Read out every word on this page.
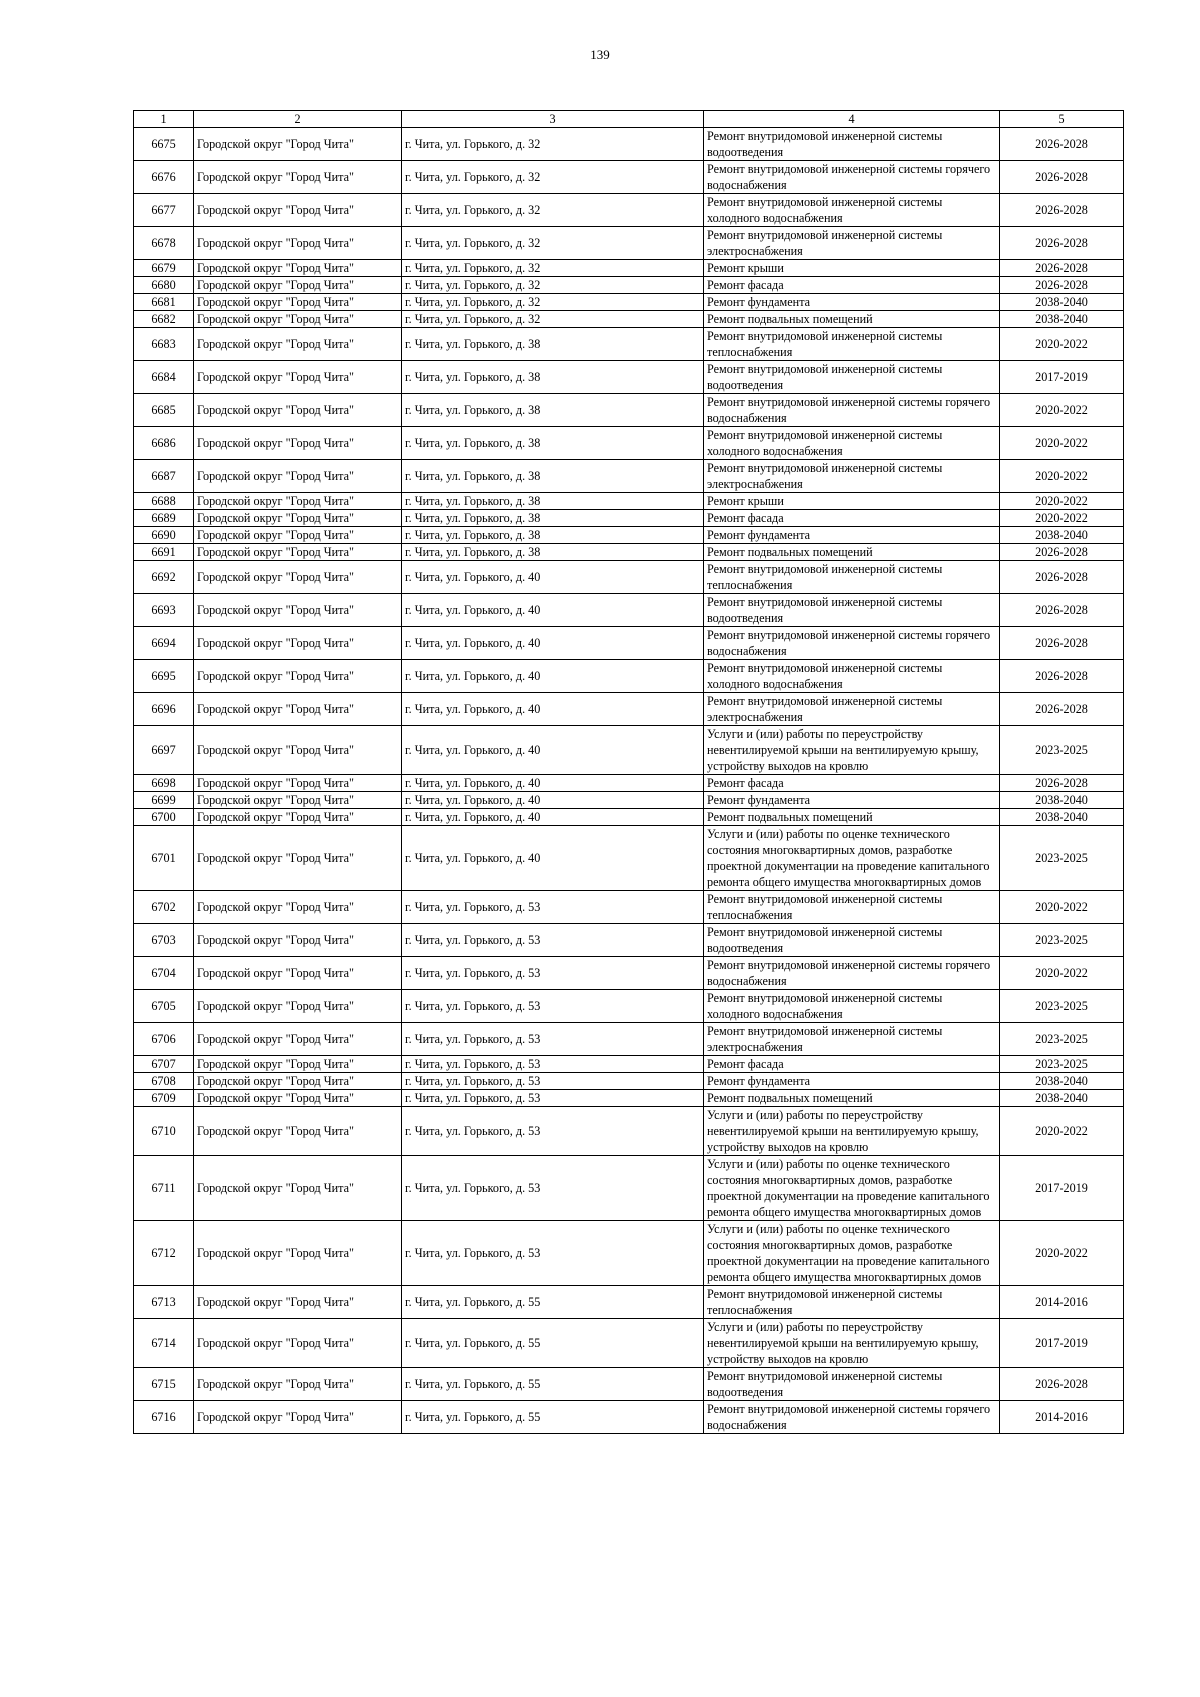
139
1	2	3	4	5
6675	Городской округ "Город Чита"	г. Чита, ул. Горького, д. 32	Ремонт внутридомовой инженерной системы водоотведения	2026-2028
6676	Городской округ "Город Чита"	г. Чита, ул. Горького, д. 32	Ремонт внутридомовой инженерной системы горячего водоснабжения	2026-2028
6677	Городской округ "Город Чита"	г. Чита, ул. Горького, д. 32	Ремонт внутридомовой инженерной системы холодного водоснабжения	2026-2028
6678	Городской округ "Город Чита"	г. Чита, ул. Горького, д. 32	Ремонт внутридомовой инженерной системы электроснабжения	2026-2028
6679	Городской округ "Город Чита"	г. Чита, ул. Горького, д. 32	Ремонт крыши	2026-2028
6680	Городской округ "Город Чита"	г. Чита, ул. Горького, д. 32	Ремонт фасада	2026-2028
6681	Городской округ "Город Чита"	г. Чита, ул. Горького, д. 32	Ремонт фундамента	2038-2040
6682	Городской округ "Город Чита"	г. Чита, ул. Горького, д. 32	Ремонт подвальных помещений	2038-2040
6683	Городской округ "Город Чита"	г. Чита, ул. Горького, д. 38	Ремонт внутридомовой инженерной системы теплоснабжения	2020-2022
6684	Городской округ "Город Чита"	г. Чита, ул. Горького, д. 38	Ремонт внутридомовой инженерной системы водоотведения	2017-2019
6685	Городской округ "Город Чита"	г. Чита, ул. Горького, д. 38	Ремонт внутридомовой инженерной системы горячего водоснабжения	2020-2022
6686	Городской округ "Город Чита"	г. Чита, ул. Горького, д. 38	Ремонт внутридомовой инженерной системы холодного водоснабжения	2020-2022
6687	Городской округ "Город Чита"	г. Чита, ул. Горького, д. 38	Ремонт внутридомовой инженерной системы электроснабжения	2020-2022
6688	Городской округ "Город Чита"	г. Чита, ул. Горького, д. 38	Ремонт крыши	2020-2022
6689	Городской округ "Город Чита"	г. Чита, ул. Горького, д. 38	Ремонт фасада	2020-2022
6690	Городской округ "Город Чита"	г. Чита, ул. Горького, д. 38	Ремонт фундамента	2038-2040
6691	Городской округ "Город Чита"	г. Чита, ул. Горького, д. 38	Ремонт подвальных помещений	2026-2028
6692	Городской округ "Город Чита"	г. Чита, ул. Горького, д. 40	Ремонт внутридомовой инженерной системы теплоснабжения	2026-2028
6693	Городской округ "Город Чита"	г. Чита, ул. Горького, д. 40	Ремонт внутридомовой инженерной системы водоотведения	2026-2028
6694	Городской округ "Город Чита"	г. Чита, ул. Горького, д. 40	Ремонт внутридомовой инженерной системы горячего водоснабжения	2026-2028
6695	Городской округ "Город Чита"	г. Чита, ул. Горького, д. 40	Ремонт внутридомовой инженерной системы холодного водоснабжения	2026-2028
6696	Городской округ "Город Чита"	г. Чита, ул. Горького, д. 40	Ремонт внутридомовой инженерной системы электроснабжения	2026-2028
6697	Городской округ "Город Чита"	г. Чита, ул. Горького, д. 40	Услуги и (или) работы по переустройству невентилируемой крыши на вентилируемую крышу, устройству выходов на кровлю	2023-2025
6698	Городской округ "Город Чита"	г. Чита, ул. Горького, д. 40	Ремонт фасада	2026-2028
6699	Городской округ "Город Чита"	г. Чита, ул. Горького, д. 40	Ремонт фундамента	2038-2040
6700	Городской округ "Город Чита"	г. Чита, ул. Горького, д. 40	Ремонт подвальных помещений	2038-2040
6701	Городской округ "Город Чита"	г. Чита, ул. Горького, д. 40	Услуги и (или) работы по оценке технического состояния многоквартирных домов, разработке проектной документации на проведение капитального ремонта общего имущества многоквартирных домов	2023-2025
6702	Городской округ "Город Чита"	г. Чита, ул. Горького, д. 53	Ремонт внутридомовой инженерной системы теплоснабжения	2020-2022
6703	Городской округ "Город Чита"	г. Чита, ул. Горького, д. 53	Ремонт внутридомовой инженерной системы водоотведения	2023-2025
6704	Городской округ "Город Чита"	г. Чита, ул. Горького, д. 53	Ремонт внутридомовой инженерной системы горячего водоснабжения	2020-2022
6705	Городской округ "Город Чита"	г. Чита, ул. Горького, д. 53	Ремонт внутридомовой инженерной системы холодного водоснабжения	2023-2025
6706	Городской округ "Город Чита"	г. Чита, ул. Горького, д. 53	Ремонт внутридомовой инженерной системы электроснабжения	2023-2025
6707	Городской округ "Город Чита"	г. Чита, ул. Горького, д. 53	Ремонт фасада	2023-2025
6708	Городской округ "Город Чита"	г. Чита, ул. Горького, д. 53	Ремонт фундамента	2038-2040
6709	Городской округ "Город Чита"	г. Чита, ул. Горького, д. 53	Ремонт подвальных помещений	2038-2040
6710	Городской округ "Город Чита"	г. Чита, ул. Горького, д. 53	Услуги и (или) работы по переустройству невентилируемой крыши на вентилируемую крышу, устройству выходов на кровлю	2020-2022
6711	Городской округ "Город Чита"	г. Чита, ул. Горького, д. 53	Услуги и (или) работы по оценке технического состояния многоквартирных домов, разработке проектной документации на проведение капитального ремонта общего имущества многоквартирных домов	2017-2019
6712	Городской округ "Город Чита"	г. Чита, ул. Горького, д. 53	Услуги и (или) работы по оценке технического состояния многоквартирных домов, разработке проектной документации на проведение капитального ремонта общего имущества многоквартирных домов	2020-2022
6713	Городской округ "Город Чита"	г. Чита, ул. Горького, д. 55	Ремонт внутридомовой инженерной системы теплоснабжения	2014-2016
6714	Городской округ "Город Чита"	г. Чита, ул. Горького, д. 55	Услуги и (или) работы по переустройству невентилируемой крыши на вентилируемую крышу, устройству выходов на кровлю	2017-2019
6715	Городской округ "Город Чита"	г. Чита, ул. Горького, д. 55	Ремонт внутридомовой инженерной системы водоотведения	2026-2028
6716	Городской округ "Город Чита"	г. Чита, ул. Горького, д. 55	Ремонт внутридомовой инженерной системы горячего водоснабжения	2014-2016
